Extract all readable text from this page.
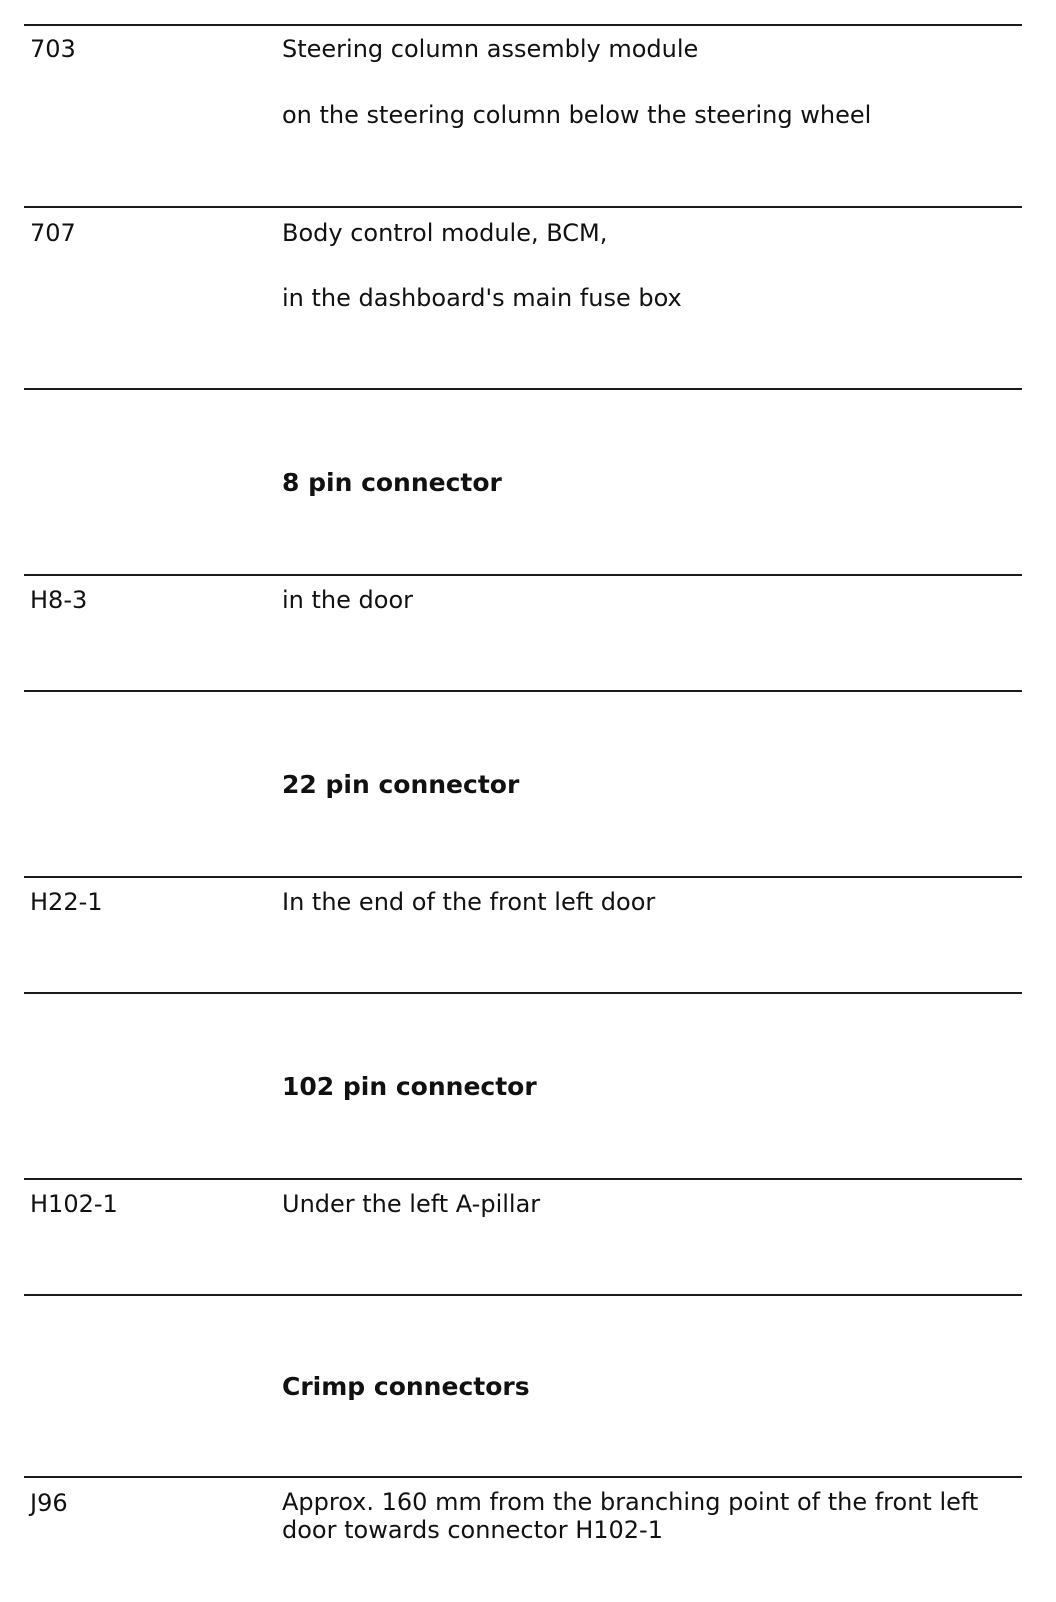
703	Steering column assembly module
on the steering column below the steering wheel
707	Body control module, BCM,
in the dashboard's main fuse box
8 pin connector
H8-3	in the door
22 pin connector
H22-1	In the end of the front left door
102 pin connector
H102-1	Under the left A-pillar
Crimp connectors
J96	Approx. 160 mm from the branching point of the front left door towards connector H102-1
